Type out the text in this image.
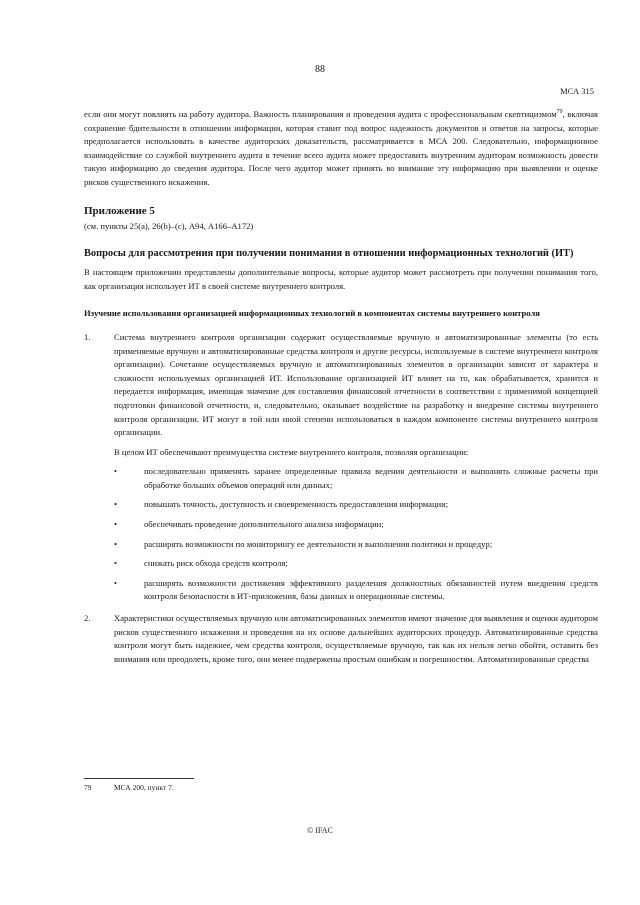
88
МСА 315

если они могут повлиять на работу аудитора. Важность планирования и проведения аудита с профессиональным скептицизмом$^{79}$, включая сохранение бдительности в отношении информации, которая ставит под вопрос надежность документов и ответов на запросы, которые предполагается использовать в качестве аудиторских доказательств, рассматривается в МСА 200. Следовательно, информационное взаимодействие со службой внутреннего аудита в течение всего аудита может предоставить внутренним аудиторам возможность довести такую информацию до сведения аудитора. После чего аудитор может принять во внимание эту информацию при выявлении и оценке рисков существенного искажения.

Приложение 5
(см. пункты 25(а), 26(b)–(с), А94, А166–А172)
Вопросы для рассмотрения при получении понимания в отношении информационных технологий (ИТ)

В настоящем приложении представлены дополнительные вопросы, которые аудитор может рассмотреть при получении понимания того, как организация использует ИТ в своей системе внутреннего контроля.

Изучение использования организацией информационных технологий в компонентах системы внутреннего контроля
1.	Система внутреннего контроля организации содержит осуществляемые вручную и автоматизированные элементы (то есть применяемые вручную и автоматизированные средства контроля и другие ресурсы, используемые в системе внутреннего контроля организации). Сочетание осуществляемых вручную и автоматизированных элементов в организации зависит от характера и сложности используемых организацией ИТ. Использование организацией ИТ влияет на то, как обрабатывается, хранится и передается информация, имеющая значение для составления финансовой отчетности в соответствии с применимой концепцией подготовки финансовой отчетности, и, следовательно, оказывает воздействие на разработку и внедрение системы внутреннего контроля организации. ИТ могут в той или иной степени использоваться в каждом компоненте системы внутреннего контроля организации.

В целом ИТ обеспечивают преимущества системе внутреннего контроля, позволяя организации:

•	последовательно применять заранее определенные правила ведения деятельности и выполнять сложные расчеты при обработке больших объемов операций или данных;
•	повышать точность, доступность и своевременность предоставления информации;
•	обеспечивать проведение дополнительного анализа информации;
•	расширять возможности по мониторингу ее деятельности и выполнения политики и процедур;
•	снижать риск обхода средств контроля;
•	расширять возможности достижения эффективного разделения должностных обязанностей путем внедрения средств контроля безопасности в ИТ-приложения, базы данных и операционные системы.
2.	Характеристики осуществляемых вручную или автоматизированных элементов имеют значение для выявления и оценки аудитором рисков существенного искажения и проведения на их основе дальнейших аудиторских процедур. Автоматизированные средства контроля могут быть надежнее, чем средства контроля, осуществляемые вручную, так как их нельзя легко обойти, оставить без внимания или преодолеть, кроме того, они менее подвержены простым ошибкам и погрешностям. Автоматизированные средства

79	МСА 200, пункт 7.
© IFAC
